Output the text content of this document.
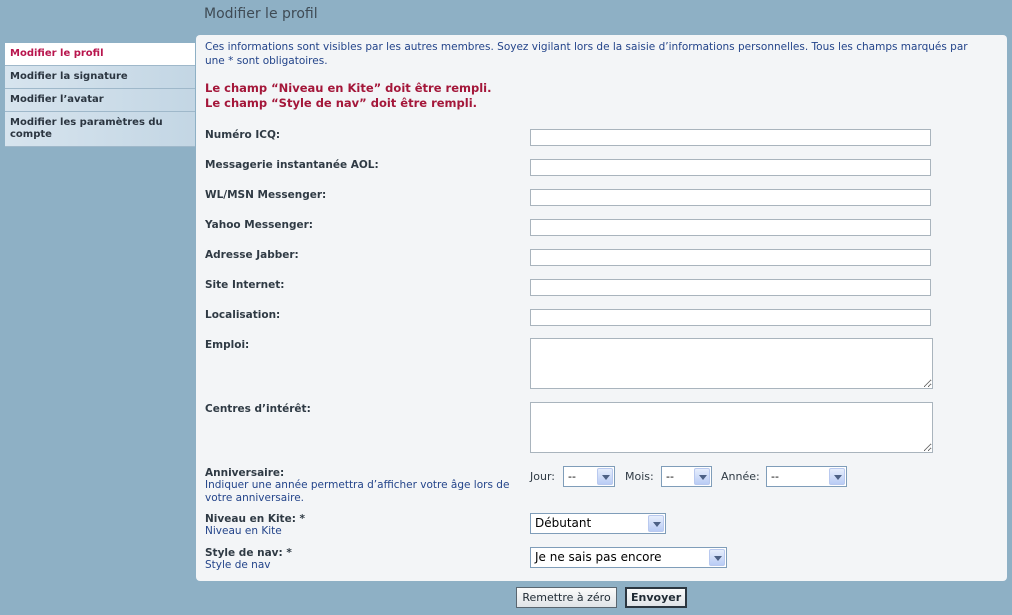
Modifier le profil
Modifier le profil
Modifier la signature
Modifier l’avatar
Modifier les paramètres du compte
Ces informations sont visibles par les autres membres. Soyez vigilant lors de la saisie d’informations personnelles. Tous les champs marqués par une * sont obligatoires.
Le champ “Niveau en Kite” doit être rempli.
Le champ “Style de nav” doit être rempli.
Numéro ICQ:
Messagerie instantanée AOL:
WL/MSN Messenger:
Yahoo Messenger:
Adresse Jabber:
Site Internet:
Localisation:
Emploi:
Centres d’intérêt:
Anniversaire:
Indiquer une année permettra d’afficher votre âge lors de votre anniversaire.
Jour: --	Mois: --	Année: --
Niveau en Kite: *
Niveau en Kite
Débutant
Style de nav: *
Style de nav
Je ne sais pas encore
Remettre à zéro	Envoyer
